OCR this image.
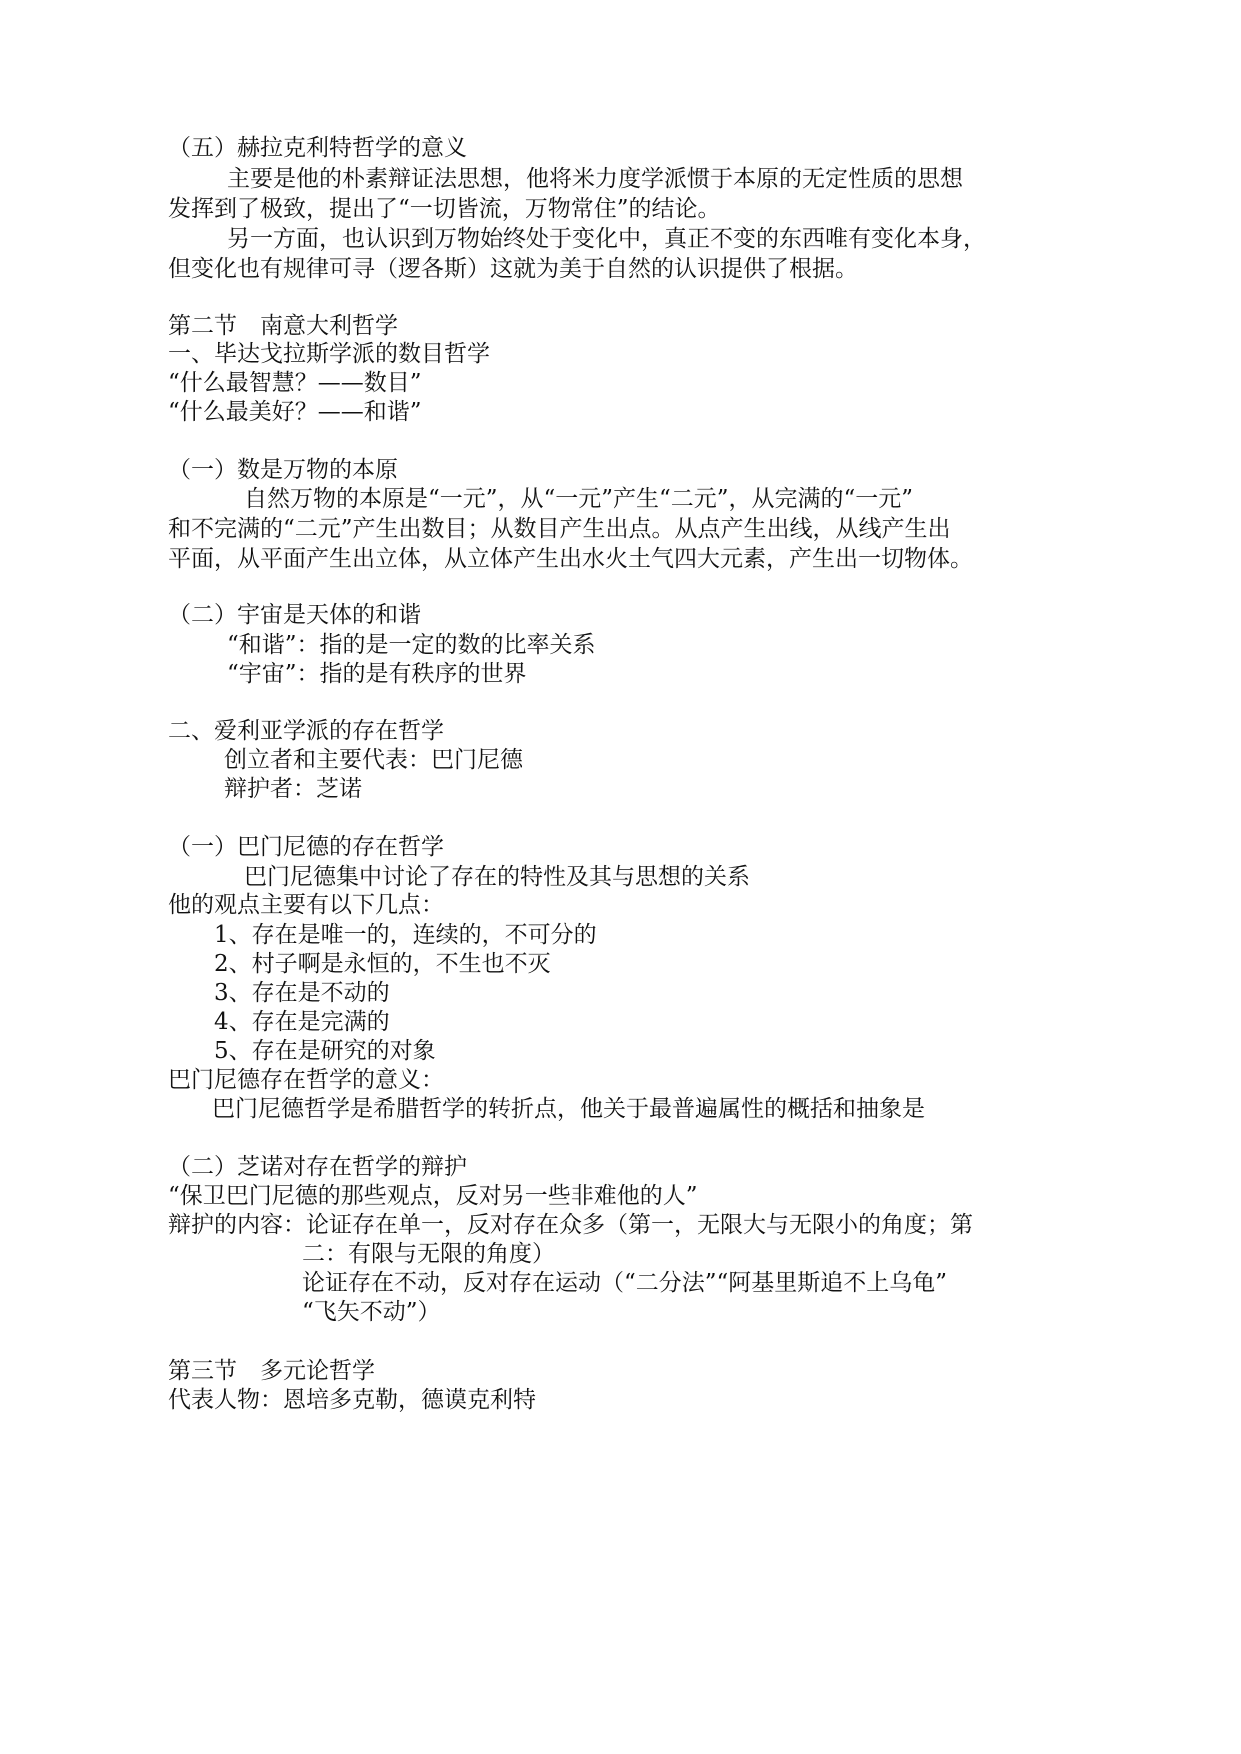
（五）赫拉克利特哲学的意义

主要是他的朴素辩证法思想，他将米力度学派惯于本原的无定性质的思想

发挥到了极致，提出了“一切皆流，万物常住”的结论。

另一方面，也认识到万物始终处于变化中，真正不变的东西唯有变化本身，

但变化也有规律可寻（逻各斯）这就为美于自然的认识提供了根据。

第二节　南意大利哲学

一、毕达戈拉斯学派的数目哲学

“什么最智慧？——数目”

“什么最美好？——和谐”

（一）数是万物的本原

自然万物的本原是“一元”，从“一元”产生“二元”，从完满的“一元”

和不完满的“二元”产生出数目；从数目产生出点。从点产生出线，从线产生出

平面，从平面产生出立体，从立体产生出水火土气四大元素，产生出一切物体。

（二）宇宙是天体的和谐

“和谐”：指的是一定的数的比率关系

“宇宙”：指的是有秩序的世界

二、爱利亚学派的存在哲学

创立者和主要代表：巴门尼德

辩护者：芝诺

（一）巴门尼德的存在哲学

巴门尼德集中讨论了存在的特性及其与思想的关系

他的观点主要有以下几点：

1、存在是唯一的，连续的，不可分的

2、村子啊是永恒的，不生也不灭

3、存在是不动的

4、存在是完满的

5、存在是研究的对象

巴门尼德存在哲学的意义：

巴门尼德哲学是希腊哲学的转折点，他关于最普遍属性的概括和抽象是

（二）芝诺对存在哲学的辩护

“保卫巴门尼德的那些观点，反对另一些非难他的人”

辩护的内容：论证存在单一，反对存在众多（第一，无限大与无限小的角度；第

二：有限与无限的角度）

论证存在不动，反对存在运动（“二分法”“阿基里斯追不上乌龟”

“飞矢不动”）

第三节　多元论哲学

代表人物：恩培多克勒，德谟克利特
